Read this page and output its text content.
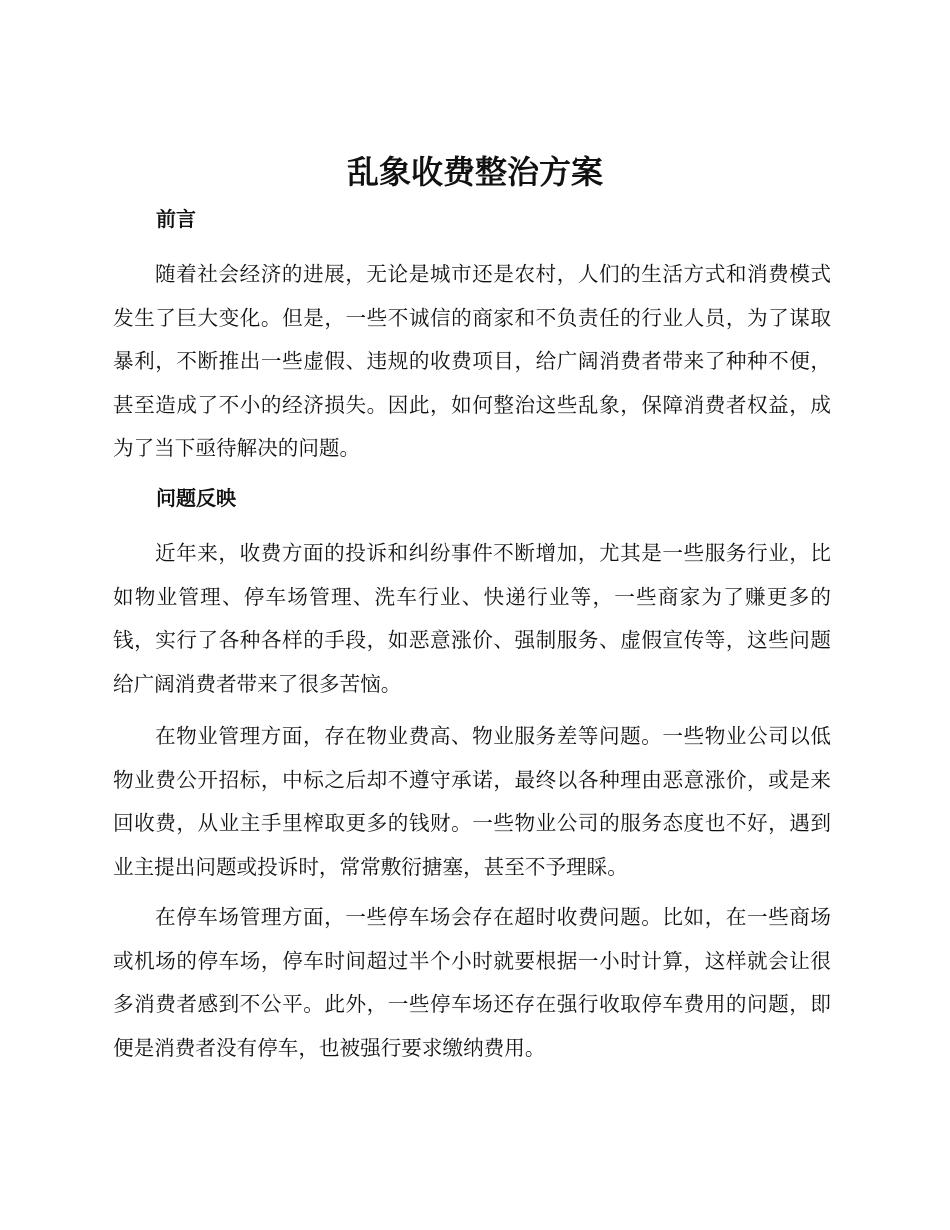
乱象收费整治方案
前言

随着社会经济的进展，无论是城市还是农村，人们的生活方式和消费模式发生了巨大变化。但是，一些不诚信的商家和不负责任的行业人员，为了谋取暴利，不断推出一些虚假、违规的收费项目，给广阔消费者带来了种种不便，甚至造成了不小的经济损失。因此，如何整治这些乱象，保障消费者权益，成为了当下亟待解决的问题。

问题反映

近年来，收费方面的投诉和纠纷事件不断增加，尤其是一些服务行业，比如物业管理、停车场管理、洗车行业、快递行业等，一些商家为了赚更多的钱，实行了各种各样的手段，如恶意涨价、强制服务、虚假宣传等，这些问题给广阔消费者带来了很多苦恼。

在物业管理方面，存在物业费高、物业服务差等问题。一些物业公司以低物业费公开招标，中标之后却不遵守承诺，最终以各种理由恶意涨价，或是来回收费，从业主手里榨取更多的钱财。一些物业公司的服务态度也不好，遇到业主提出问题或投诉时，常常敷衍搪塞，甚至不予理睬。

在停车场管理方面，一些停车场会存在超时收费问题。比如，在一些商场或机场的停车场，停车时间超过半个小时就要根据一小时计算，这样就会让很多消费者感到不公平。此外，一些停车场还存在强行收取停车费用的问题，即便是消费者没有停车，也被强行要求缴纳费用。
